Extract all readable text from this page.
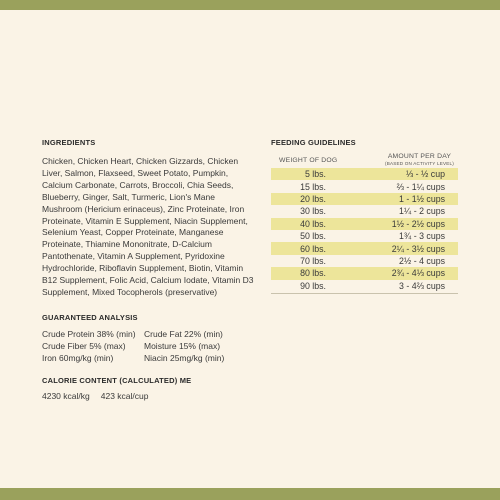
INGREDIENTS
Chicken, Chicken Heart, Chicken Gizzards, Chicken Liver, Salmon, Flaxseed, Sweet Potato, Pumpkin, Calcium Carbonate, Carrots, Broccoli, Chia Seeds, Blueberry, Ginger, Salt, Turmeric, Lion's Mane Mushroom (Hericium erinaceus), Zinc Proteinate, Iron Proteinate, Vitamin E Supplement, Niacin Supplement, Selenium Yeast, Copper Proteinate, Manganese Proteinate, Thiamine Mononitrate, D-Calcium Pantothenate, Vitamin A Supplement, Pyridoxine Hydrochloride, Riboflavin Supplement, Biotin, Vitamin B12 Supplement, Folic Acid, Calcium Iodate, Vitamin D3 Supplement, Mixed Tocopherols (preservative)
GUARANTEED ANALYSIS
Crude Protein 38% (min) Crude Fat 22% (min)
Crude Fiber 5% (max)	Moisture 15% (max)
Iron 60mg/kg (min)	Niacin 25mg/kg (min)
CALORIE CONTENT (CALCULATED) ME
4230 kcal/kg 423 kcal/cup
FEEDING GUIDELINES
WEIGHT OF DOG
AMOUNT PER DAY
(BASED ON ACTIVITY LEVEL)
5 lbs.	⅓ - ½ cup
15 lbs.	⅔ - 1¼ cups
20 lbs.	1 - 1½ cups
30 lbs.	1¼ - 2 cups
40 lbs.	1½ - 2½ cups
50 lbs.	1¾ - 3 cups
60 lbs.	2¼ - 3½ cups
70 lbs.	2½ - 4 cups
80 lbs.	2¾ - 4⅓ cups
90 lbs.	3 - 4⅔ cups
